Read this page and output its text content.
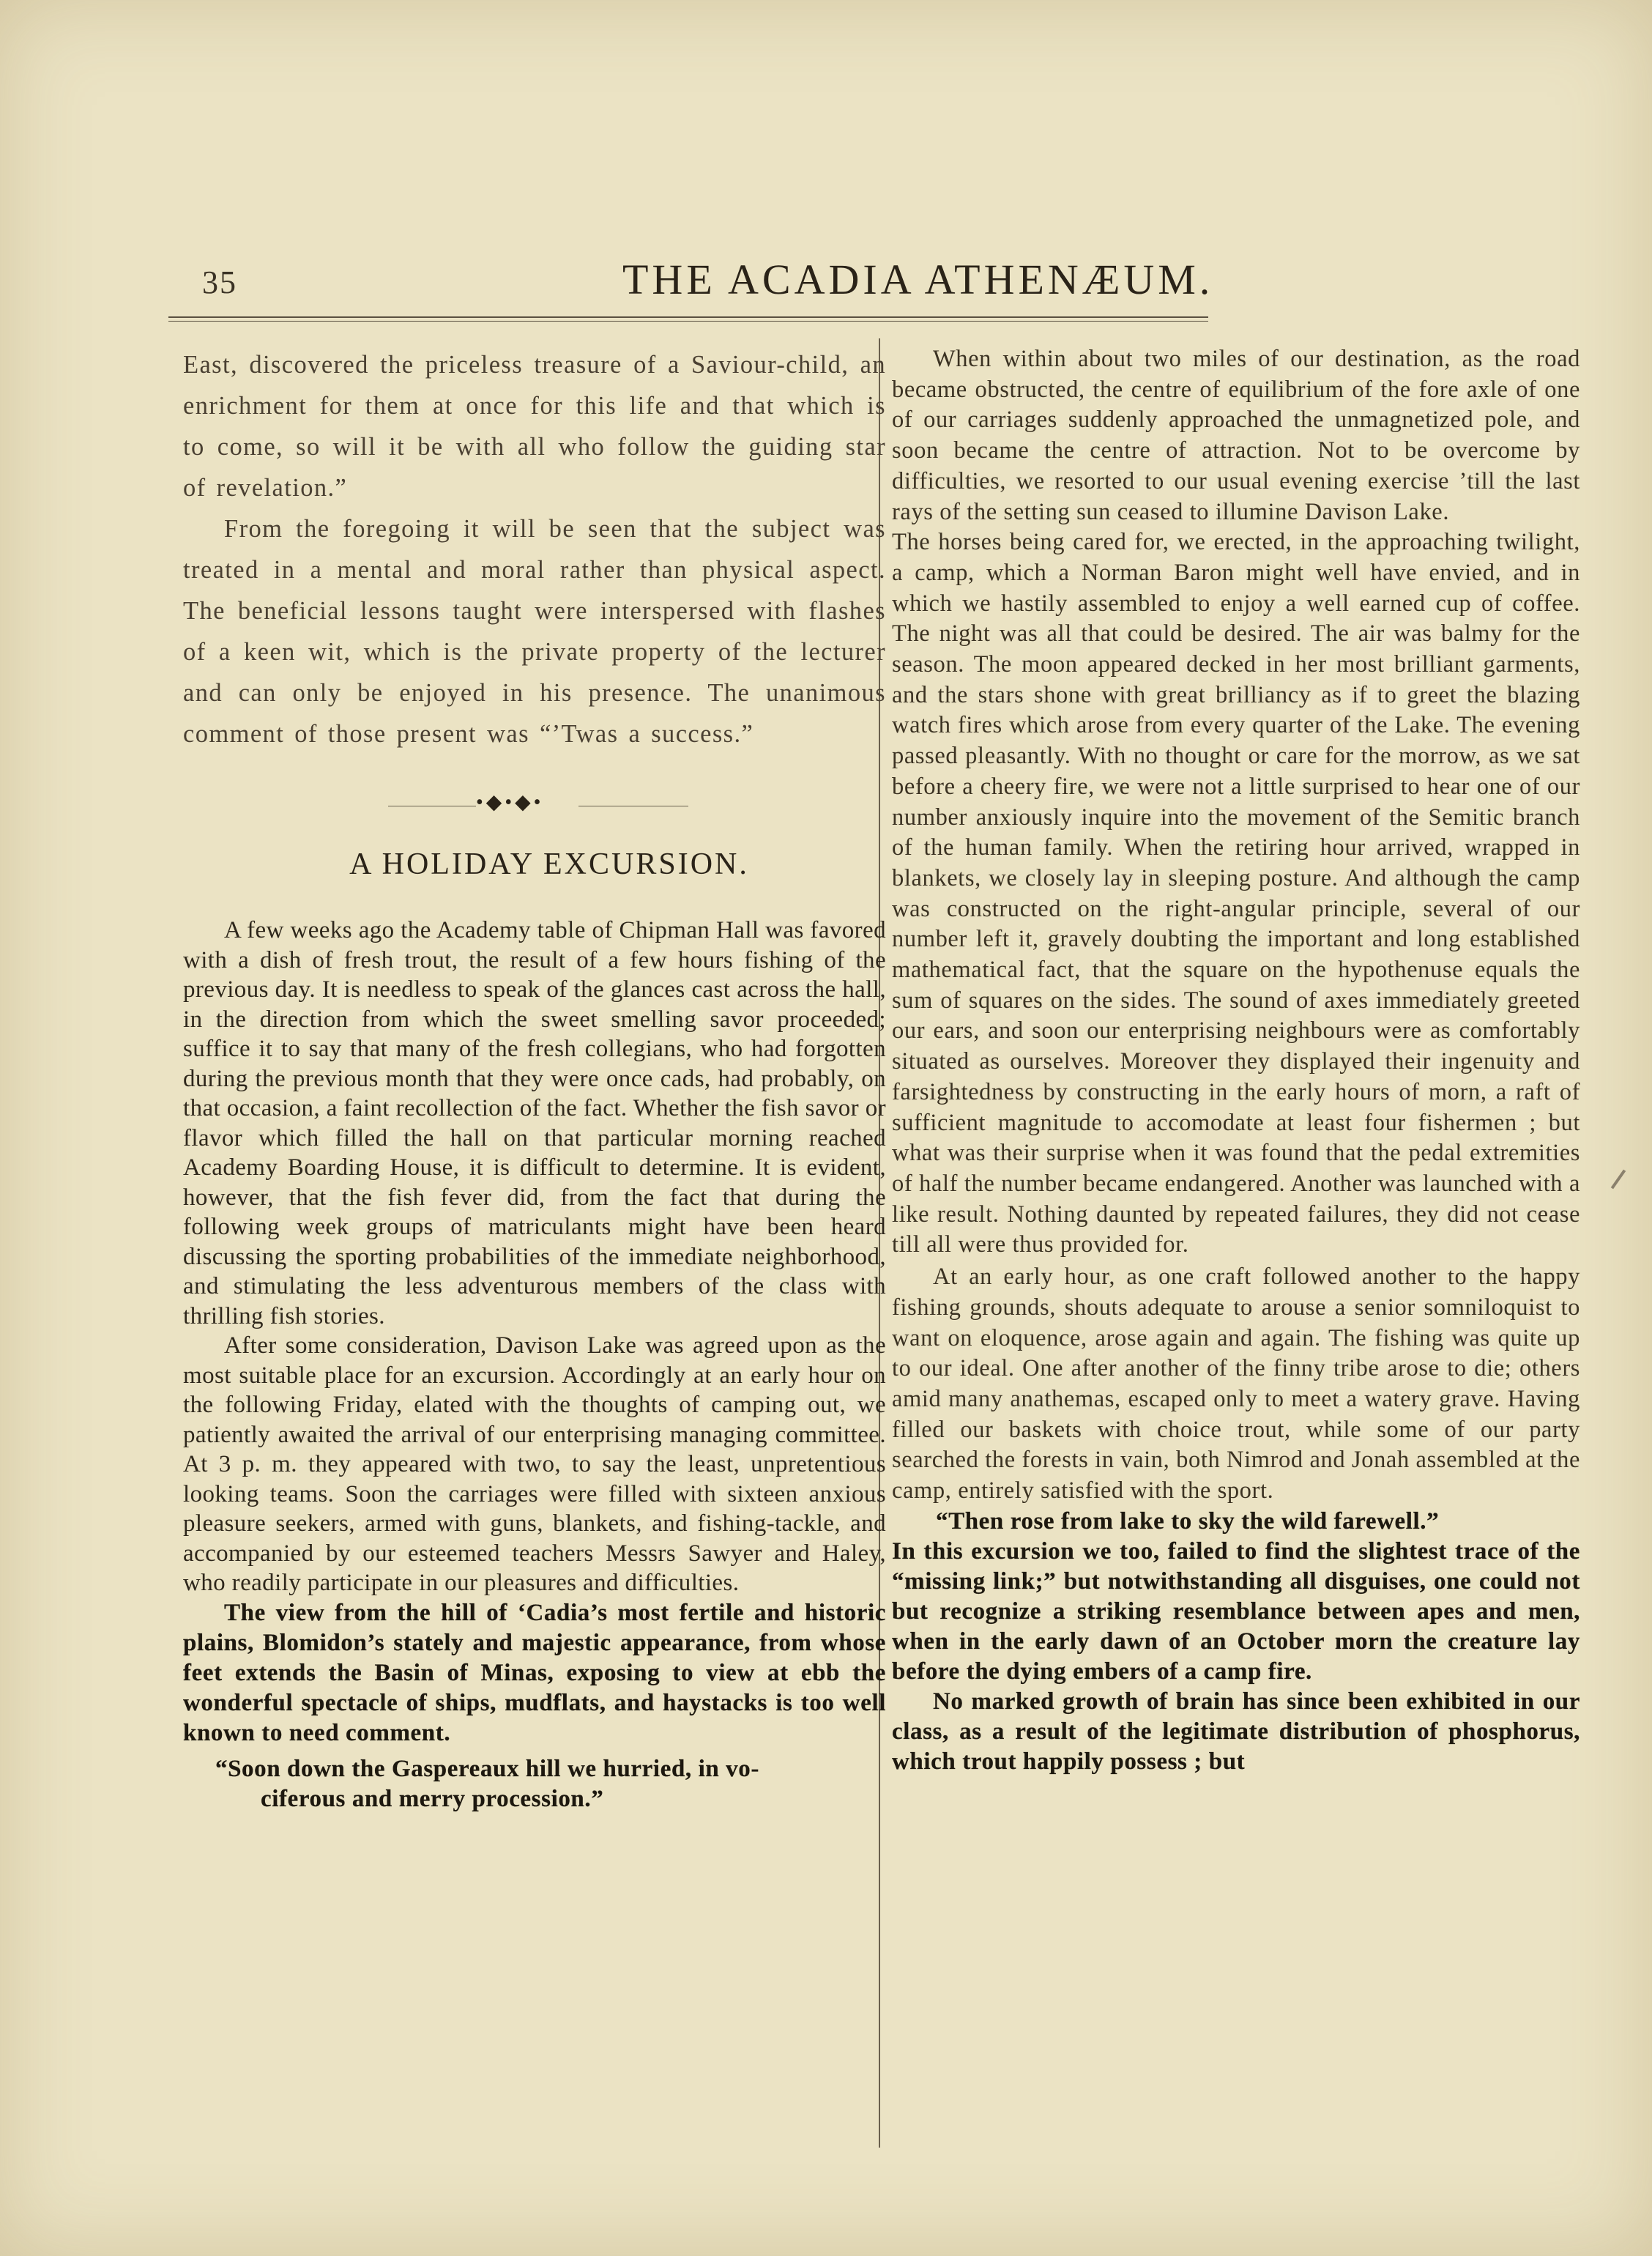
35	THE ACADIA ATHENÆUM.

East, discovered the priceless treasure of a Saviour-child, an enrichment for them at once for this life and that which is to come, so will it be with all who follow the guiding star of revelation.”

From the foregoing it will be seen that the subject was treated in a mental and moral rather than physical aspect. The beneficial lessons taught were interspersed with flashes of a keen wit, which is the private property of the lecturer and can only be enjoyed in his presence. The unanimous comment of those present was “’Twas a success.”

•◆•◆•
A HOLIDAY EXCURSION.

A few weeks ago the Academy table of Chipman Hall was favored with a dish of fresh trout, the result of a few hours fishing of the previous day. It is needless to speak of the glances cast across the hall, in the direction from which the sweet smelling savor proceeded; suffice it to say that many of the fresh collegians, who had forgotten during the previous month that they were once cads, had probably, on that occasion, a faint recollection of the fact. Whether the fish savor or flavor which filled the hall on that particular morning reached Academy Boarding House, it is difficult to determine. It is evident, however, that the fish fever did, from the fact that during the following week groups of matriculants might have been heard discussing the sporting probabilities of the immediate neighborhood, and stimulating the less adventurous members of the class with thrilling fish stories.

After some consideration, Davison Lake was agreed upon as the most suitable place for an excursion. Accordingly at an early hour on the following Friday, elated with the thoughts of camping out, we patiently awaited the arrival of our enterprising managing committee. At 3 p. m. they appeared with two, to say the least, unpretentious looking teams. Soon the carriages were filled with sixteen anxious pleasure seekers, armed with guns, blankets, and fishing-tackle, and accompanied by our esteemed teachers Messrs Sawyer and Haley, who readily participate in our pleasures and difficulties.

The view from the hill of ‘Cadia’s most fertile and historic plains, Blomidon’s stately and majestic appearance, from whose feet extends the Basin of Minas, exposing to view at ebb the wonderful spectacle of ships, mudflats, and haystacks is too well known to need comment.

“Soon down the Gaspereaux hill we hurried, in vo-

ciferous and merry procession.”

When within about two miles of our destination, as the road became obstructed, the centre of equilibrium of the fore axle of one of our carriages suddenly approached the unmagnetized pole, and soon became the centre of attraction. Not to be overcome by difficulties, we resorted to our usual evening exercise ’till the last rays of the setting sun ceased to illumine Davison Lake.

The horses being cared for, we erected, in the approaching twilight, a camp, which a Norman Baron might well have envied, and in which we hastily assembled to enjoy a well earned cup of coffee. The night was all that could be desired. The air was balmy for the season. The moon appeared decked in her most brilliant garments, and the stars shone with great brilliancy as if to greet the blazing watch fires which arose from every quarter of the Lake. The evening passed pleasantly. With no thought or care for the morrow, as we sat before a cheery fire, we were not a little surprised to hear one of our number anxiously inquire into the movement of the Semitic branch of the human family. When the retiring hour arrived, wrapped in blankets, we closely lay in sleeping posture. And although the camp was constructed on the right-angular principle, several of our number left it, gravely doubting the important and long established mathematical fact, that the square on the hypothenuse equals the sum of squares on the sides. The sound of axes immediately greeted our ears, and soon our enterprising neighbours were as comfortably situated as ourselves. Moreover they displayed their ingenuity and farsightedness by constructing in the early hours of morn, a raft of sufficient magnitude to accomodate at least four fishermen ; but what was their surprise when it was found that the pedal extremities of half the number became endangered. Another was launched with a like result. Nothing daunted by repeated failures, they did not cease till all were thus provided for.

At an early hour, as one craft followed another to the happy fishing grounds, shouts adequate to arouse a senior somniloquist to want on eloquence, arose again and again. The fishing was quite up to our ideal. One after another of the finny tribe arose to die; others amid many anathemas, escaped only to meet a watery grave. Having filled our baskets with choice trout, while some of our party searched the forests in vain, both Nimrod and Jonah assembled at the camp, entirely satisfied with the sport.

“Then rose from lake to sky the wild farewell.”

In this excursion we too, failed to find the slightest trace of the “missing link;” but notwithstanding all disguises, one could not but recognize a striking resemblance between apes and men, when in the early dawn of an October morn the creature lay before the dying embers of a camp fire.

No marked growth of brain has since been exhibited in our class, as a result of the legitimate distribution of phosphorus, which trout happily possess ; but
